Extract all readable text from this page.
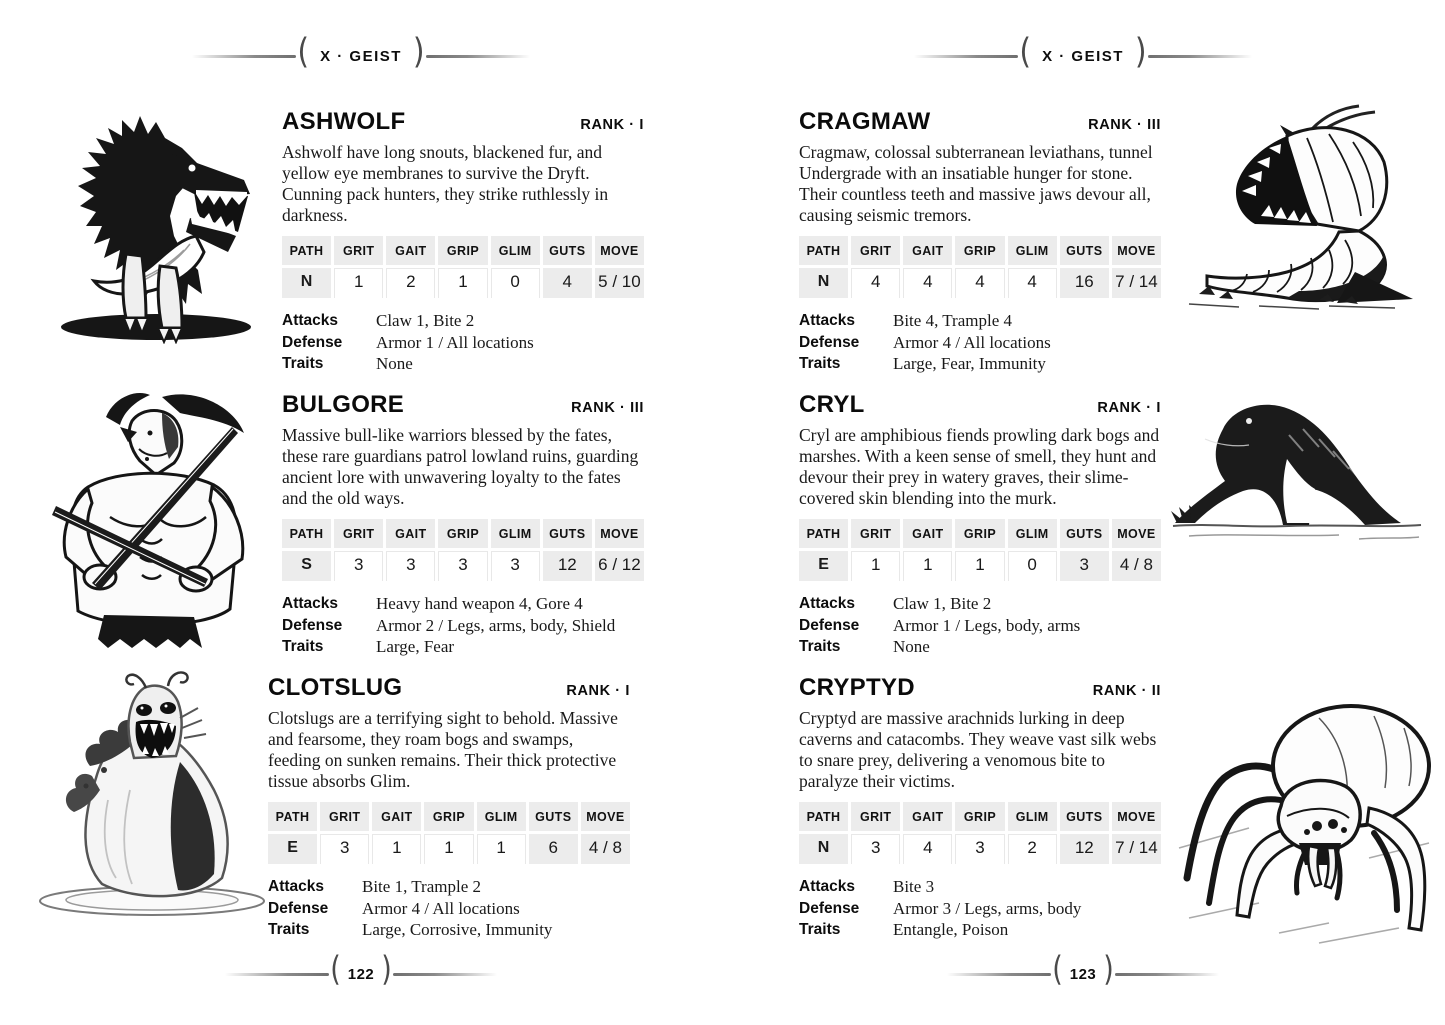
( X · GEIST )
ASHWOLF	RANK · I

Ashwolf have long snouts, blackened fur, and yellow eye membranes to survive the Dryft. Cunning pack hunters, they strike ruthlessly in darkness.

PATH	GRIT	GAIT	GRIP	GLIM	GUTS	MOVE
N	1	2	1	0	4	5 / 10
Attacks	Claw 1, Bite 2
Defense	Armor 1 / All locations
Traits	None
BULGORE	RANK · III

Massive bull-like warriors blessed by the fates, these rare guardians patrol lowland ruins, guarding ancient lore with unwavering loyalty to the fates and the old ways.

PATH	GRIT	GAIT	GRIP	GLIM	GUTS	MOVE
S	3	3	3	3	12	6 / 12
Attacks	Heavy hand weapon 4, Gore 4
Defense	Armor 2 / Legs, arms, body, Shield
Traits	Large, Fear
CLOTSLUG	RANK · I

Clotslugs are a terrifying sight to behold. Massive and fearsome, they roam bogs and swamps, feeding on sunken remains. Their thick protective tissue absorbs Glim.

PATH	GRIT	GAIT	GRIP	GLIM	GUTS	MOVE
E	3	1	1	1	6	4 / 8
Attacks	Bite 1, Trample 2
Defense	Armor 4 / All locations
Traits	Large, Corrosive, Immunity
( 122 )
( X · GEIST )
CRAGMAW	RANK · III

Cragmaw, colossal subterranean leviathans, tunnel Undergrade with an insatiable hunger for stone. Their countless teeth and massive jaws devour all, causing seismic tremors.

PATH	GRIT	GAIT	GRIP	GLIM	GUTS	MOVE
N	4	4	4	4	16	7 / 14
Attacks	Bite 4, Trample 4
Defense	Armor 4 / All locations
Traits	Large, Fear, Immunity
CRYL	RANK · I

Cryl are amphibious fiends prowling dark bogs and marshes. With a keen sense of smell, they hunt and devour their prey in watery graves, their slime-covered skin blending into the murk.

PATH	GRIT	GAIT	GRIP	GLIM	GUTS	MOVE
E	1	1	1	0	3	4 / 8
Attacks	Claw 1, Bite 2
Defense	Armor 1 / Legs, body, arms
Traits	None
CRYPTYD	RANK · II

Cryptyd are massive arachnids lurking in deep caverns and catacombs. They weave vast silk webs to snare prey, delivering a venomous bite to paralyze their victims.

PATH	GRIT	GAIT	GRIP	GLIM	GUTS	MOVE
N	3	4	3	2	12	7 / 14
Attacks	Bite 3
Defense	Armor 3 / Legs, arms, body
Traits	Entangle, Poison
( 123 )
